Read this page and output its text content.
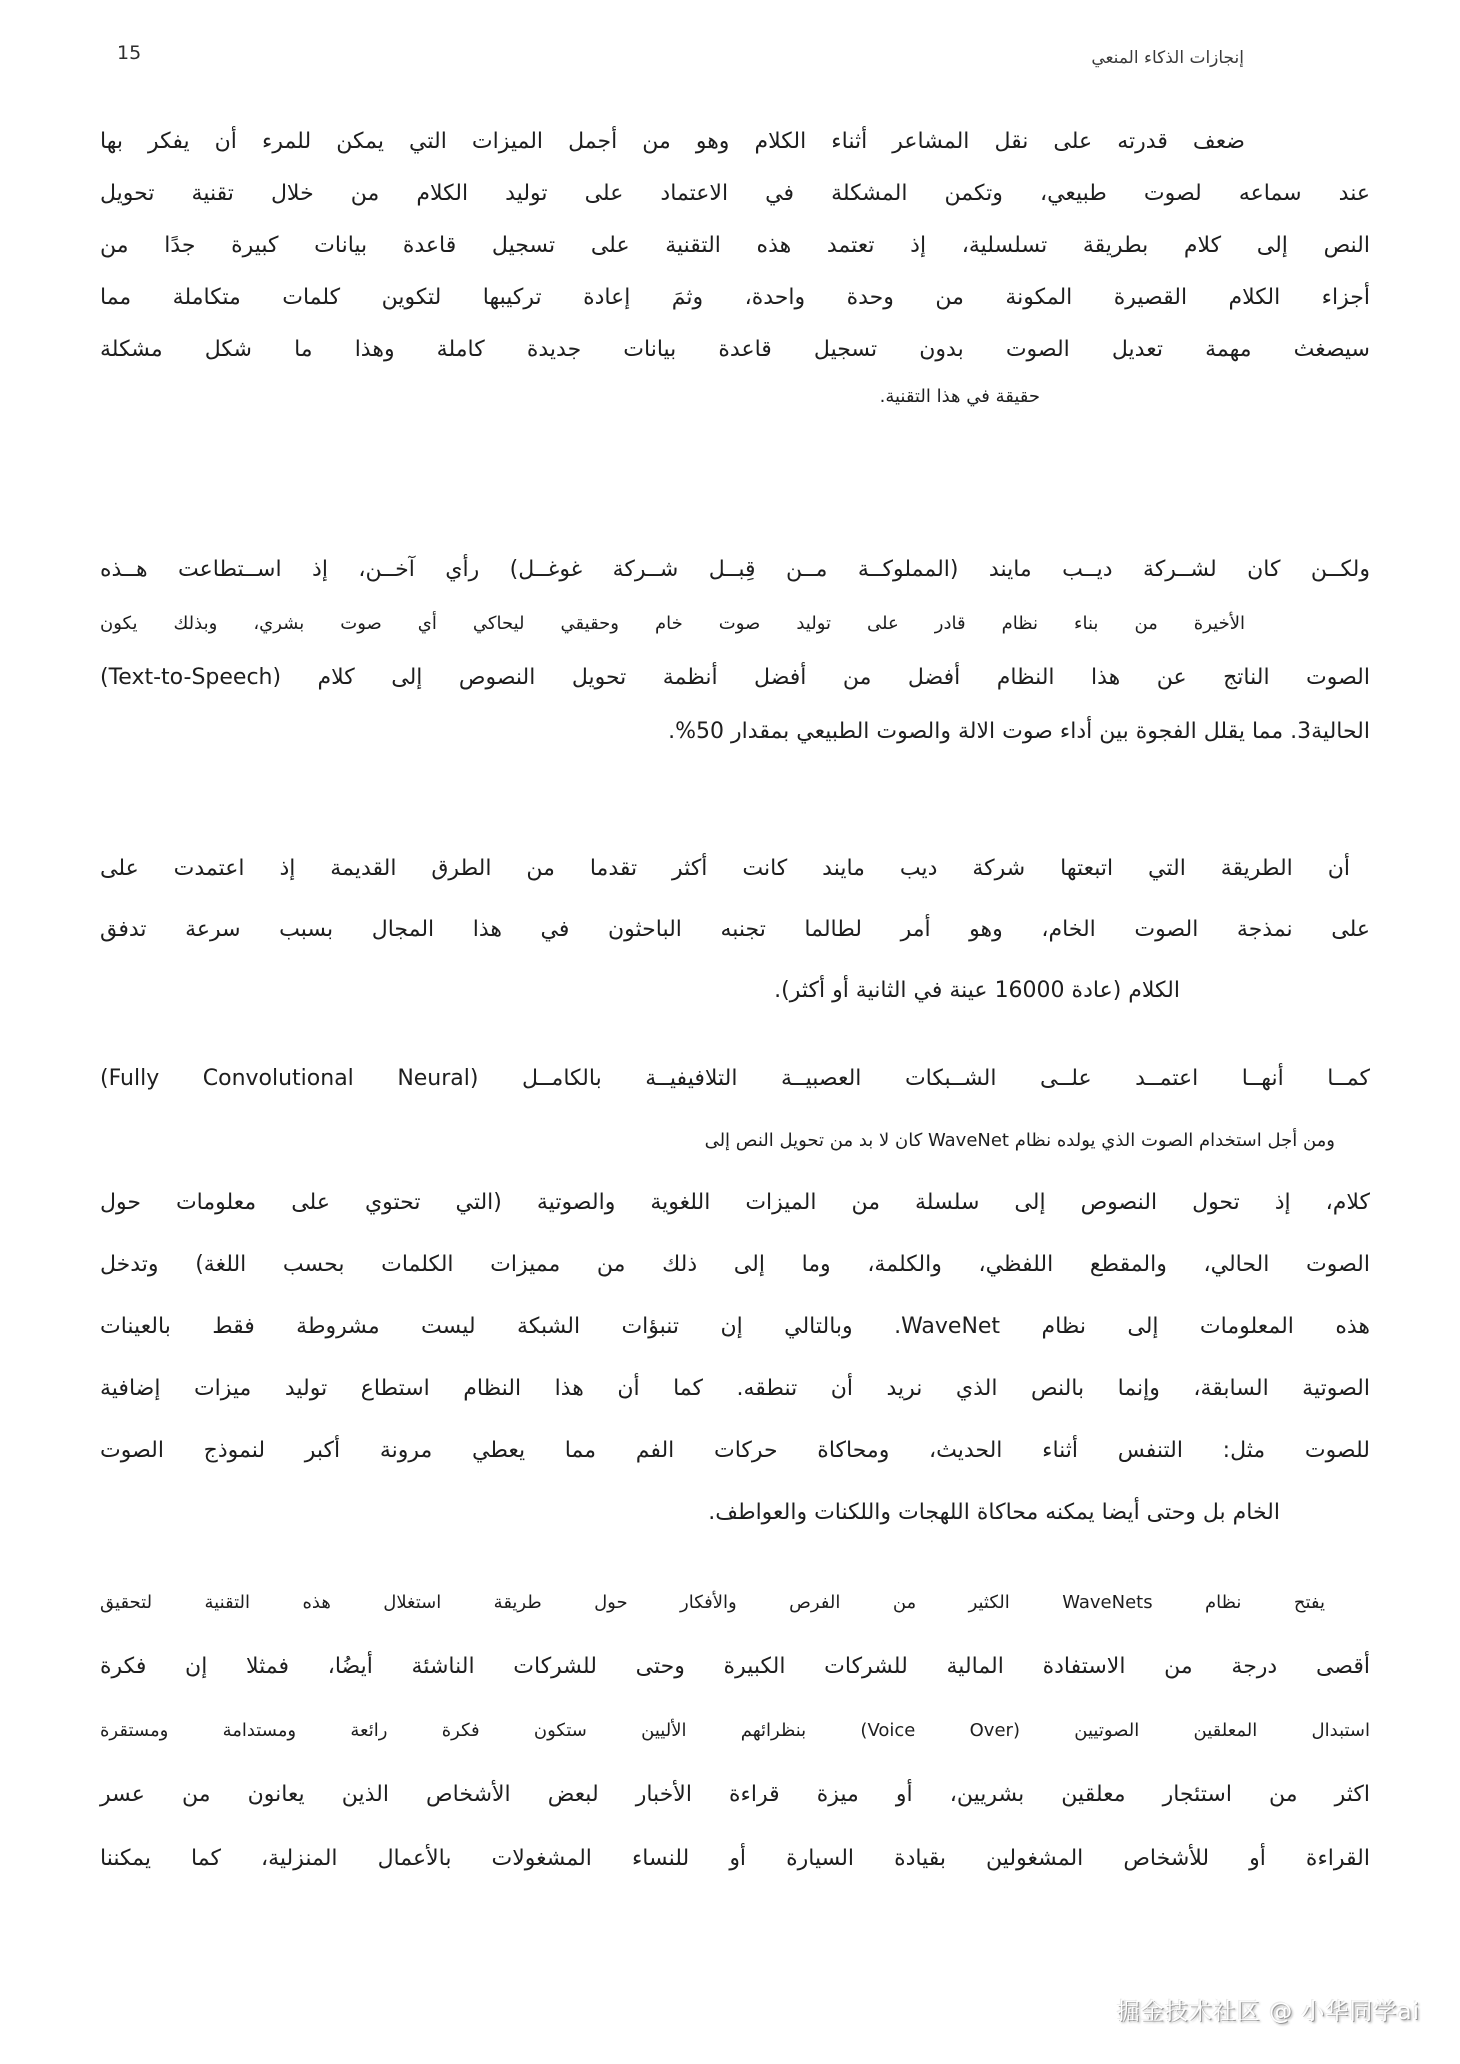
15	إنجازات الذكاء المنعي
ضعف قدرته على نقل المشاعر أثناء الكلام وهو من أجمل الميزات التي يمكن للمرء أن يفكر بها
عند سماعه لصوت طبيعي، وتكمن المشكلة في الاعتماد على توليد الكلام من خلال تقنية تحويل
النص إلى كلام بطريقة تسلسلية، إذ تعتمد هذه التقنية على تسجيل قاعدة بيانات كبيرة جدًا من
أجزاء الكلام القصيرة المكونة من وحدة واحدة، وثمَ إعادة تركيبها لتكوين كلمات متكاملة مما
سيصغث مهمة تعديل الصوت بدون تسجيل قاعدة بيانات جديدة كاملة وهذا ما شكل مشكلة
حقيقة في هذا التقنية.
ولكــن كان لشــركة ديــب مايند (المملوكــة مــن قِبــل شــركة غوغــل) رأي آخــن، إذ اســتطاعت هــذه
الأخيرة من بناء نظام قادر على توليد صوت خام وحقيقي ليحاكي أي صوت بشري، وبذلك يكون
الصوت الناتج عن هذا النظام أفضل من أفضل أنظمة تحويل النصوص إلى كلام (Text-to-Speech)
الحالية3. مما يقلل الفجوة بين أداء صوت الالة والصوت الطبيعي بمقدار 50%.
أن الطريقة التي اتبعتها شركة ديب مايند كانت أكثر تقدما من الطرق القديمة إذ اعتمدت على
على نمذجة الصوت الخام، وهو أمر لطالما تجنبه الباحثون في هذا المجال بسبب سرعة تدفق
الكلام (عادة 16000 عينة في الثانية أو أكثر).
كمــا أنهــا اعتمــد علــى الشــبكات العصبيــة التلافيفيــة بالكامــل (Fully Convolutional Neural)
ومن أجل استخدام الصوت الذي يولده نظام WaveNet كان لا بد من تحويل النص إلى
كلام، إذ تحول النصوص إلى سلسلة من الميزات اللغوية والصوتية (التي تحتوي على معلومات حول
الصوت الحالي، والمقطع اللفظي، والكلمة، وما إلى ذلك من مميزات الكلمات بحسب اللغة) وتدخل
هذه المعلومات إلى نظام WaveNet. وبالتالي إن تنبؤات الشبكة ليست مشروطة فقط بالعينات
الصوتية السابقة، وإنما بالنص الذي نريد أن تنطقه. كما أن هذا النظام استطاع توليد ميزات إضافية
للصوت مثل: التنفس أثناء الحديث، ومحاكاة حركات الفم مما يعطي مرونة أكبر لنموذج الصوت
الخام بل وحتى أيضا يمكنه محاكاة اللهجات واللكنات والعواطف.
يفتح نظام WaveNets الكثير من الفرص والأفكار حول طريقة استغلال هذه التقنية لتحقيق
أقصى درجة من الاستفادة المالية للشركات الكبيرة وحتى للشركات الناشئة أيضُا، فمثلا إن فكرة
استبدال المعلقين الصوتيين (Voice Over) بنظرائهم الأليين ستكون فكرة رائعة ومستدامة ومستقرة
اكثر من استئجار معلقين بشريين، أو ميزة قراءة الأخبار لبعض الأشخاص الذين يعانون من عسر
القراءة أو للأشخاص المشغولين بقيادة السيارة أو للنساء المشغولات بالأعمال المنزلية، كما يمكننا
掘金技术社区 @ 小华同学ai
